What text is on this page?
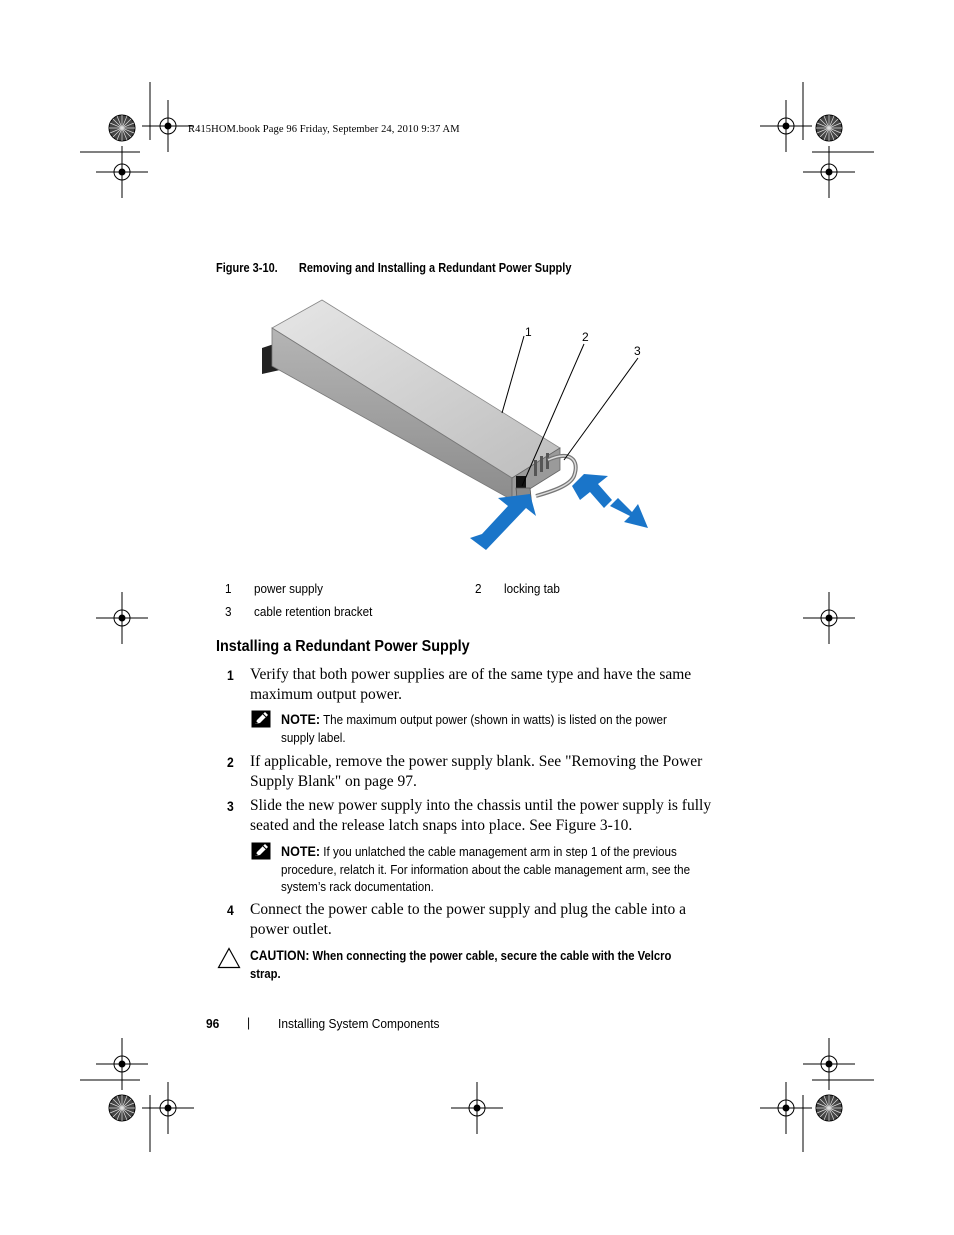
R415HOM.book Page 96 Friday, September 24, 2010 9:37 AM
Figure 3-10. Removing and Installing a Redundant Power Supply
1	2
3
1 power supply	2 locking tab
3 cable retention bracket
Installing a Redundant Power Supply
1 Verify that both power supplies are of the same type and have the same maximum output power.
NOTE: The maximum output power (shown in watts) is listed on the power supply label.
2 If applicable, remove the power supply blank. See "Removing the Power Supply Blank" on page 97.
3 Slide the new power supply into the chassis until the power supply is fully seated and the release latch snaps into place. See Figure 3-10.
NOTE: If you unlatched the cable management arm in step 1 of the previous procedure, relatch it. For information about the cable management arm, see the system’s rack documentation.
4 Connect the power cable to the power supply and plug the cable into a power outlet.
CAUTION: When connecting the power cable, secure the cable with the Velcro strap.
96 | Installing System Components
